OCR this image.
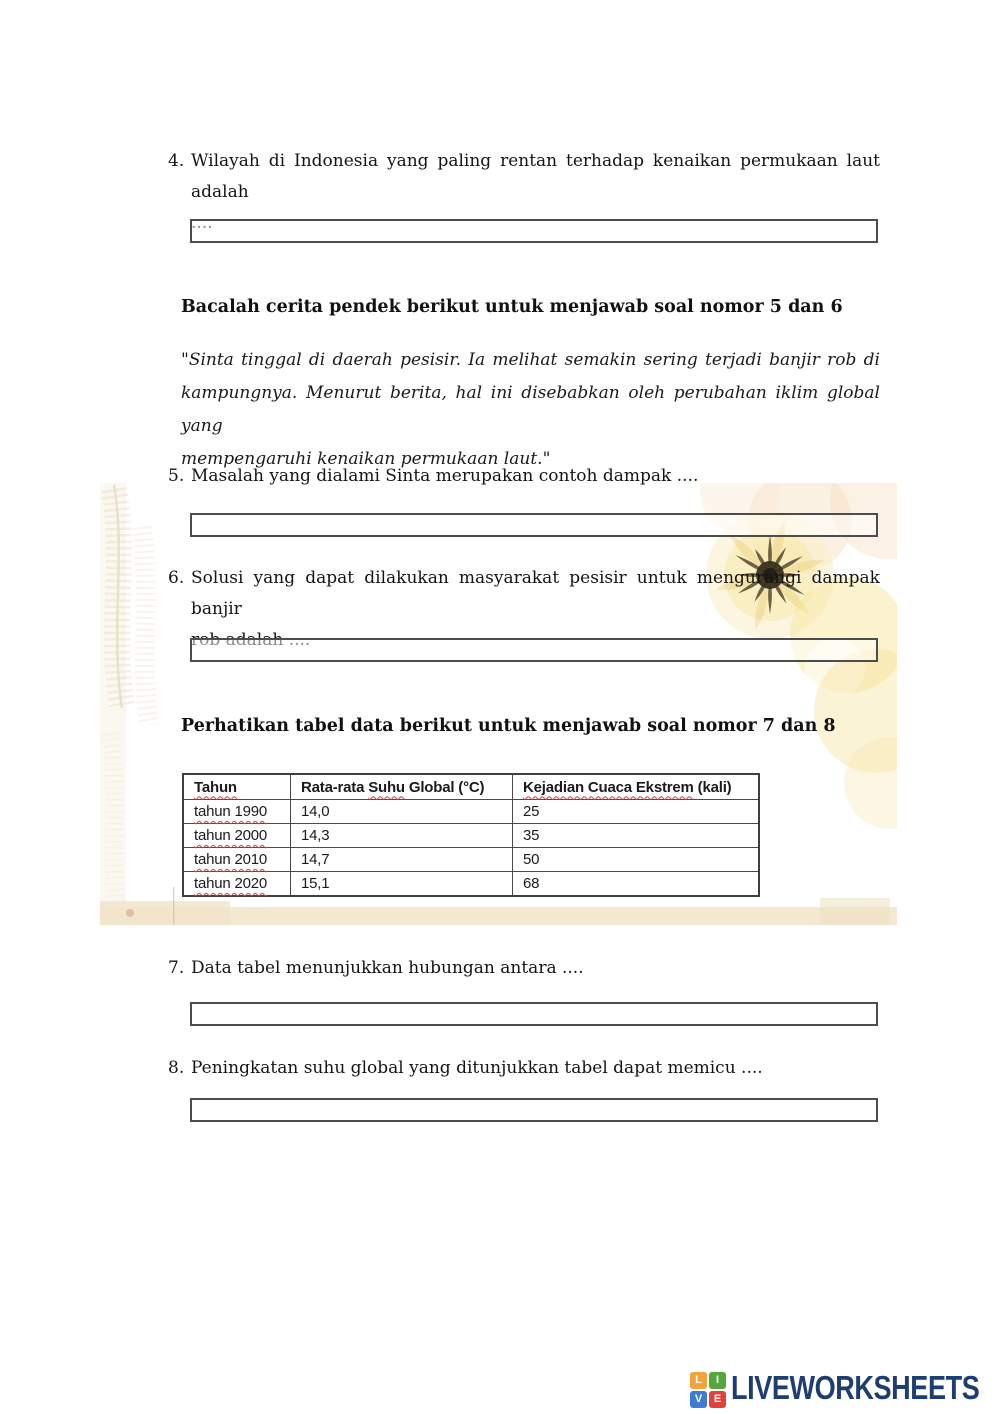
4. Wilayah di Indonesia yang paling rentan terhadap kenaikan permukaan laut adalah
Bacalah cerita pendek berikut untuk menjawab soal nomor 5 dan 6
"Sinta tinggal di daerah pesisir. Ia melihat semakin sering terjadi banjir rob di
kampungnya. Menurut berita, hal ini disebabkan oleh perubahan iklim global yang
mempengaruhi kenaikan permukaan laut."
5. Masalah yang dialami Sinta merupakan contoh dampak ....
6. Solusi yang dapat dilakukan masyarakat pesisir untuk mengurangi dampak banjir
Perhatikan tabel data berikut untuk menjawab soal nomor 7 dan 8
Tahun	Rata-rata Suhu Global (°C)	Kejadian Cuaca Ekstrem (kali)
tahun 1990	14,0	25
tahun 2000	14,3	35
tahun 2010	14,7	50
tahun 2020	15,1	68
7. Data tabel menunjukkan hubungan antara ....
8. Peningkatan suhu global yang ditunjukkan tabel dapat memicu ....
L	I
V	E LIVEWORKSHEETS
